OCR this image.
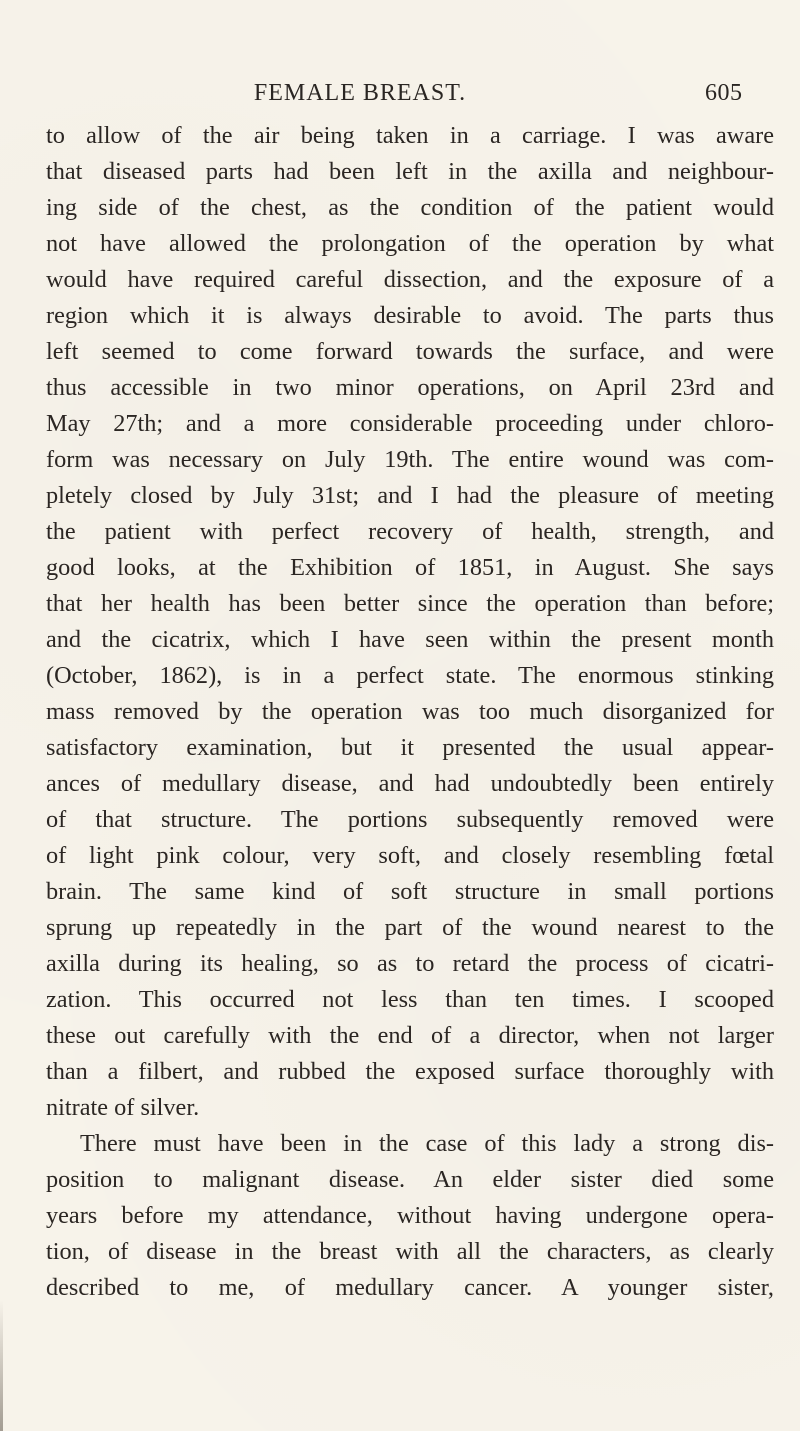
FEMALE BREAST.	605
to allow of the air being taken in a carriage. I was aware
that diseased parts had been left in the axilla and neighbour-
ing side of the chest, as the condition of the patient would
not have allowed the prolongation of the operation by what
would have required careful dissection, and the exposure of a
region which it is always desirable to avoid. The parts thus
left seemed to come forward towards the surface, and were
thus accessible in two minor operations, on April 23rd and
May 27th; and a more considerable proceeding under chloro-
form was necessary on July 19th. The entire wound was com-
pletely closed by July 31st; and I had the pleasure of meeting
the patient with perfect recovery of health, strength, and
good looks, at the Exhibition of 1851, in August. She says
that her health has been better since the operation than before;
and the cicatrix, which I have seen within the present month
(October, 1862), is in a perfect state. The enormous stinking
mass removed by the operation was too much disorganized for
satisfactory examination, but it presented the usual appear-
ances of medullary disease, and had undoubtedly been entirely
of that structure. The portions subsequently removed were
of light pink colour, very soft, and closely resembling fœtal
brain. The same kind of soft structure in small portions
sprung up repeatedly in the part of the wound nearest to the
axilla during its healing, so as to retard the process of cicatri-
zation. This occurred not less than ten times. I scooped
these out carefully with the end of a director, when not larger
than a filbert, and rubbed the exposed surface thoroughly with
nitrate of silver.
There must have been in the case of this lady a strong dis-
position to malignant disease. An elder sister died some
years before my attendance, without having undergone opera-
tion, of disease in the breast with all the characters, as clearly
described to me, of medullary cancer. A younger sister,
